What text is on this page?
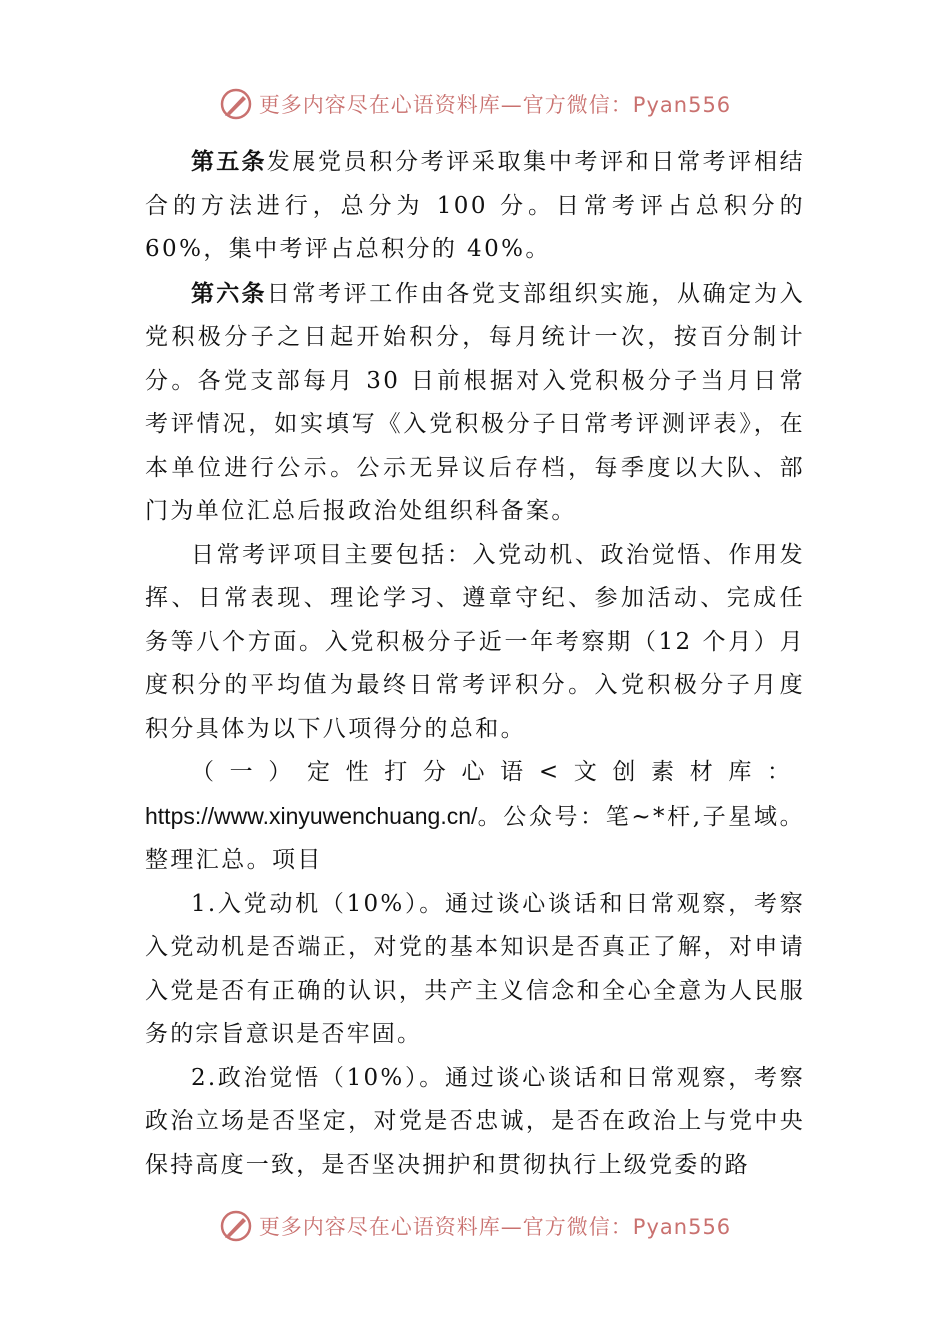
更多内容尽在心语资料库—官方微信：Pyan556

第五条发展党员积分考评采取集中考评和日常考评相结合的方法进行，总分为 100 分。日常考评占总积分的 60%，集中考评占总积分的 40%。

第六条日常考评工作由各党支部组织实施，从确定为入党积极分子之日起开始积分，每月统计一次，按百分制计分。各党支部每月 30 日前根据对入党积极分子当月日常考评情况，如实填写《入党积极分子日常考评测评表》，在本单位进行公示。公示无异议后存档，每季度以大队、部门为单位汇总后报政治处组织科备案。

日常考评项目主要包括：入党动机、政治觉悟、作用发挥、日常表现、理论学习、遵章守纪、参加活动、完成任务等八个方面。入党积极分子近一年考察期（12 个月）月度积分的平均值为最终日常考评积分。入党积极分子月度积分具体为以下八项得分的总和。

（一）定性打分心语<文创素材库：https://www.xinyuwenchuang.cn/。公众号：笔~*杆,子星域。整理汇总。项目

1.入党动机（10%）。通过谈心谈话和日常观察，考察入党动机是否端正，对党的基本知识是否真正了解，对申请入党是否有正确的认识，共产主义信念和全心全意为人民服务的宗旨意识是否牢固。

2.政治觉悟（10%）。通过谈心谈话和日常观察，考察政治立场是否坚定，对党是否忠诚，是否在政治上与党中央保持高度一致，是否坚决拥护和贯彻执行上级党委的路

更多内容尽在心语资料库—官方微信：Pyan556
